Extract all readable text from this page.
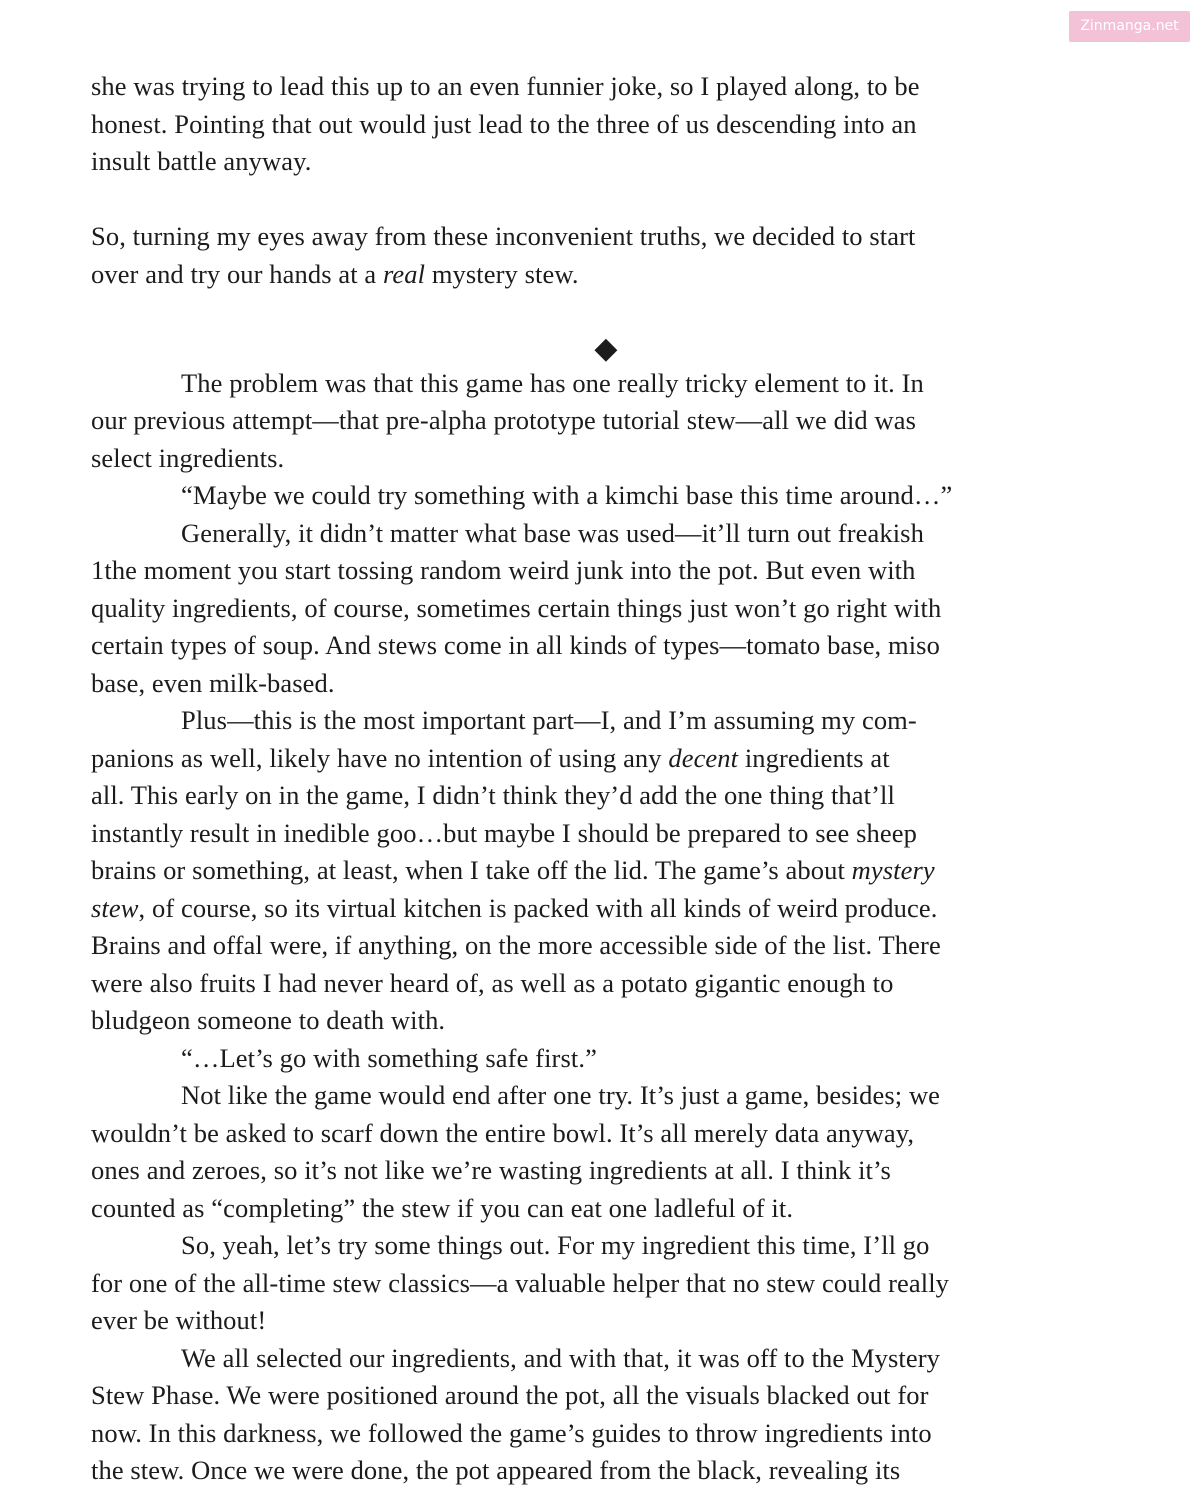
Zinmanga.net

she was trying to lead this up to an even funnier joke, so I played along, to be

honest. Pointing that out would just lead to the three of us descending into an

insult battle anyway.

So, turning my eyes away from these inconvenient truths, we decided to start

over and try our hands at a real mystery stew.

◆

The problem was that this game has one really tricky element to it. In

our previous attempt—that pre-alpha prototype tutorial stew—all we did was

select ingredients.

“Maybe we could try something with a kimchi base this time around…”

Generally, it didn’t matter what base was used—it’ll turn out freakish

1the moment you start tossing random weird junk into the pot. But even with

quality ingredients, of course, sometimes certain things just won’t go right with

certain types of soup. And stews come in all kinds of types—tomato base, miso

base, even milk-based.

Plus—this is the most important part—I, and I’m assuming my com-

panions as well, likely have no intention of using any decent ingredients at

all. This early on in the game, I didn’t think they’d add the one thing that’ll

instantly result in inedible goo…but maybe I should be prepared to see sheep

brains or something, at least, when I take off the lid. The game’s about mystery

stew, of course, so its virtual kitchen is packed with all kinds of weird produce.

Brains and offal were, if anything, on the more accessible side of the list. There

were also fruits I had never heard of, as well as a potato gigantic enough to

bludgeon someone to death with.

“…Let’s go with something safe first.”

Not like the game would end after one try. It’s just a game, besides; we

wouldn’t be asked to scarf down the entire bowl. It’s all merely data anyway,

ones and zeroes, so it’s not like we’re wasting ingredients at all. I think it’s

counted as “completing” the stew if you can eat one ladleful of it.

So, yeah, let’s try some things out. For my ingredient this time, I’ll go

for one of the all-time stew classics—a valuable helper that no stew could really

ever be without!

We all selected our ingredients, and with that, it was off to the Mystery

Stew Phase. We were positioned around the pot, all the visuals blacked out for

now. In this darkness, we followed the game’s guides to throw ingredients into

the stew. Once we were done, the pot appeared from the black, revealing its
